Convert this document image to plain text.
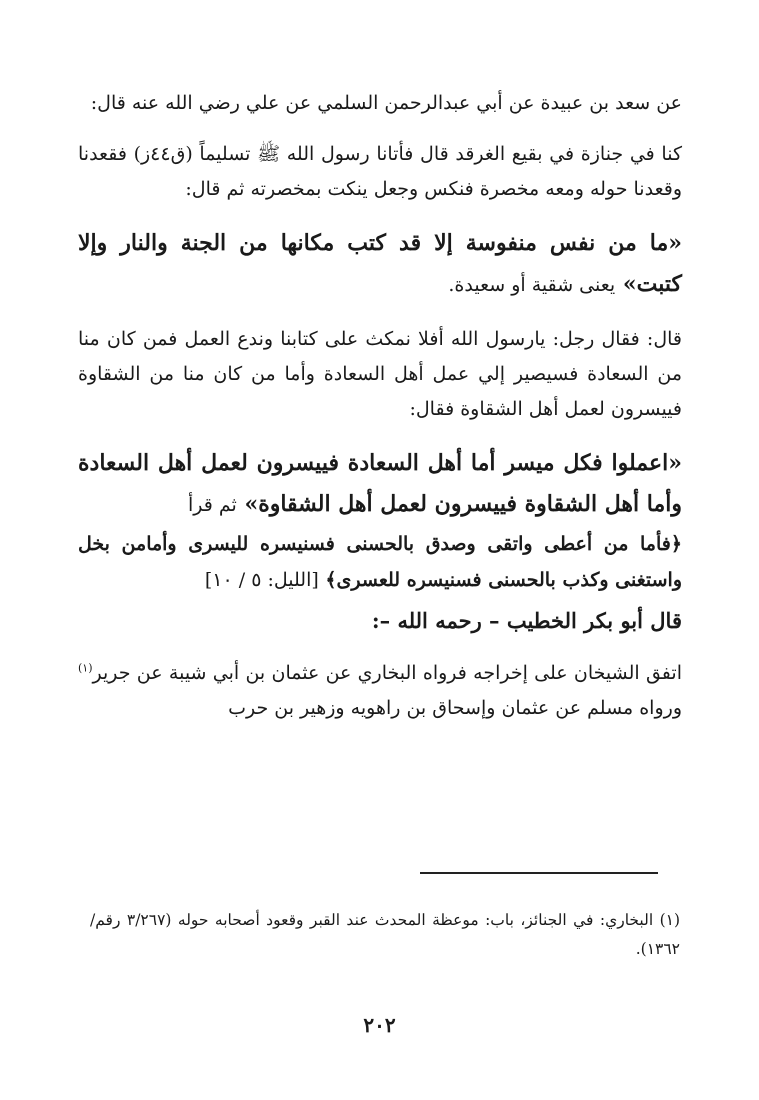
عن سعد بن عبيدة عن أبي عبدالرحمن السلمي عن علي رضي الله عنه قال:

كنا في جنازة في بقيع الغرقد قال فأتانا رسول الله ﷺ تسليماً (ق٤٤ز) فقعدنا وقعدنا حوله ومعه مخصرة فنكس وجعل ينكت بمخصرته ثم قال:

«ما من نفس منفوسة إلا قد كتب مكانها من الجنة والنار وإلا كتبت» يعنى شقية أو سعيدة.

قال: فقال رجل: يارسول الله أفلا نمكث على كتابنا وندع العمل فمن كان منا من السعادة فسيصير إلي عمل أهل السعادة وأما من كان منا من الشقاوة فييسرون لعمل أهل الشقاوة فقال:

«اعملوا فكل ميسر أما أهل السعادة فييسرون لعمل أهل السعادة وأما أهل الشقاوة فييسرون لعمل أهل الشقاوة» ثم قرأ

﴿فأما من أعطى واتقى وصدق بالحسنى فسنيسره لليسرى وأمامن بخل واستغنى وكذب بالحسنى فسنيسره للعسرى﴾ [الليل: ٥ / ١٠]

قال أبو بكر الخطيب – رحمه الله –:

اتفق الشيخان على إخراجه فرواه البخاري عن عثمان بن أبي شيبة عن جرير$^{(١)}$ ورواه مسلم عن عثمان وإسحاق بن راهويه وزهير بن حرب

(١) البخاري: في الجنائز، باب: موعظة المحدث عند القبر وقعود أصحابه حوله (٣/٢٦٧ رقم/١٣٦٢).
٢٠٢
